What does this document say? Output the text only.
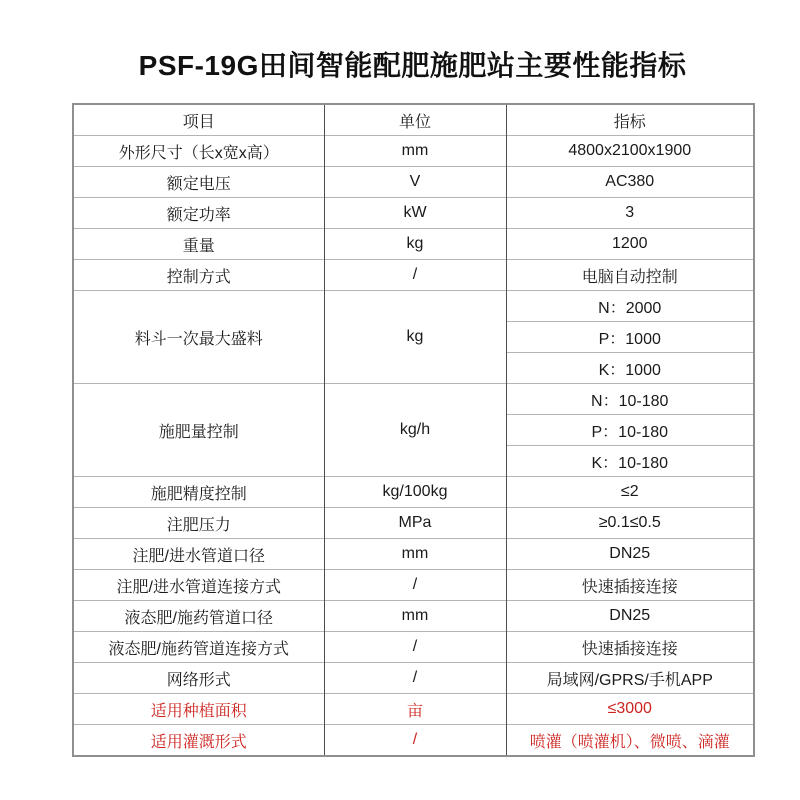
PSF-19G田间智能配肥施肥站主要性能指标
项目	单位	指标
外形尺寸（长x宽x高）	mm	4800x2100x1900
额定电压	V	AC380
额定功率	kW	3
重量	kg	1200
控制方式	/	电脑自动控制
料斗一次最大盛料	kg	N：2000
		P：1000
		K：1000
施肥量控制	kg/h	N：10-180
		P：10-180
		K：10-180
施肥精度控制	kg/100kg	≤2
注肥压力	MPa	≥0.1≤0.5
注肥/进水管道口径	mm	DN25
注肥/进水管道连接方式	/	快速插接连接
液态肥/施药管道口径	mm	DN25
液态肥/施药管道连接方式	/	快速插接连接
网络形式	/	局域网/GPRS/手机APP
适用种植面积	亩	≤3000
适用灌溉形式	/	喷灌（喷灌机）、微喷、滴灌
